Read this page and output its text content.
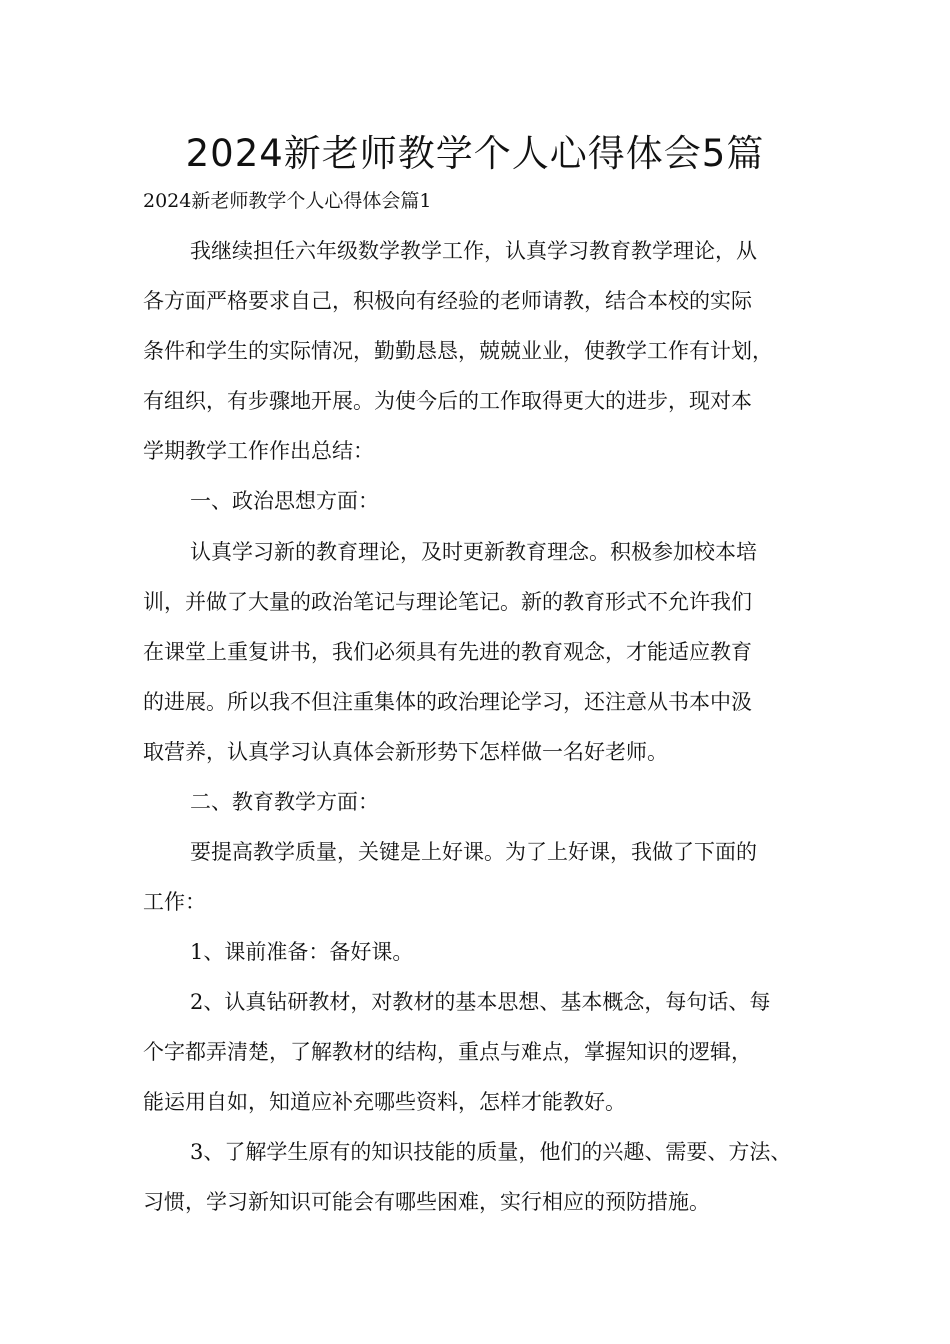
2024新老师教学个人心得体会5篇
2024新老师教学个人心得体会篇1
我继续担任六年级数学教学工作，认真学习教育教学理论，从
各方面严格要求自己，积极向有经验的老师请教，结合本校的实际
条件和学生的实际情况，勤勤恳恳，兢兢业业，使教学工作有计划，
有组织，有步骤地开展。为使今后的工作取得更大的进步，现对本
学期教学工作作出总结：
一、政治思想方面：
认真学习新的教育理论，及时更新教育理念。积极参加校本培
训，并做了大量的政治笔记与理论笔记。新的教育形式不允许我们
在课堂上重复讲书，我们必须具有先进的教育观念，才能适应教育
的进展。所以我不但注重集体的政治理论学习，还注意从书本中汲
取营养，认真学习认真体会新形势下怎样做一名好老师。
二、教育教学方面：
要提高教学质量，关键是上好课。为了上好课，我做了下面的
工作：
1、课前准备：备好课。
2、认真钻研教材，对教材的基本思想、基本概念，每句话、每
个字都弄清楚，了解教材的结构，重点与难点，掌握知识的逻辑，
能运用自如，知道应补充哪些资料，怎样才能教好。
3、了解学生原有的知识技能的质量，他们的兴趣、需要、方法、
习惯，学习新知识可能会有哪些困难，实行相应的预防措施。
